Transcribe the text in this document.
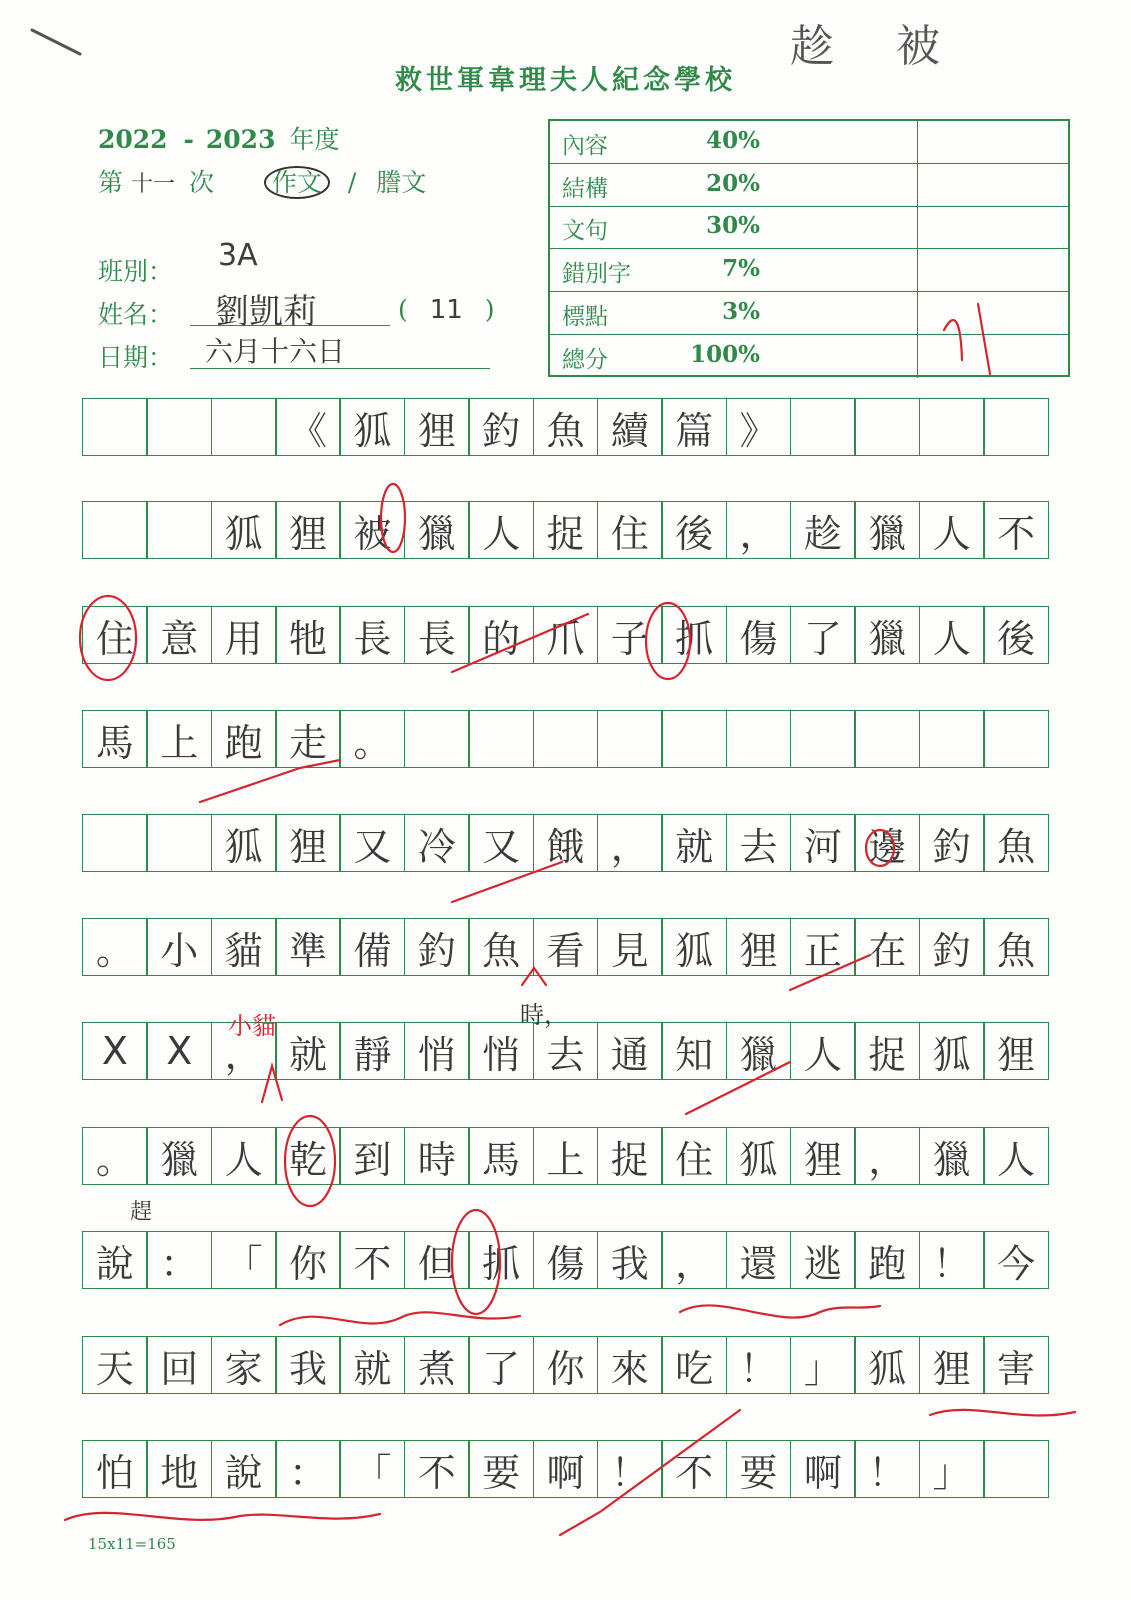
趁 被
救世軍韋理夫人紀念學校
2022 - 2023 年度
第 十一 次 作文 / 謄文
班別： 3A
姓名： 劉凱莉	( 11 )
日期： 六月十六日
內容	40%
結構	20%
文句	30%
錯別字	7%
標點	3%
總分	100%
《 狐 狸 釣 魚 續 篇 》
狐 狸 被 獵 人 捉 住 後 ， 趁 獵 人 不
住 意 用 牠 長 長 的 爪 子 抓 傷 了 獵 人 後
馬 上 跑 走 。
狐 狸 又 冷 又 餓 ， 就 去 河 邊 釣 魚
。 小 貓 準 備 釣 魚 看 見 狐 狸 正 在 釣 魚
X	X ， 就 靜 悄 悄 去 通 知 獵 人 捉 狐 狸
。 獵 人 乾 到 時 馬 上 捉 住 狐 狸 ， 獵 人
說 ： 「 你 不 但 抓 傷 我 ， 還 逃 跑 ！ 今
天 回 家 我 就 煮 了 你 來 吃 ！ 」 狐 狸 害
怕 地 說 ： 「 不 要 啊 ！ 不 要 啊 ！ 」
小貓	時，
趕
15x11=165
